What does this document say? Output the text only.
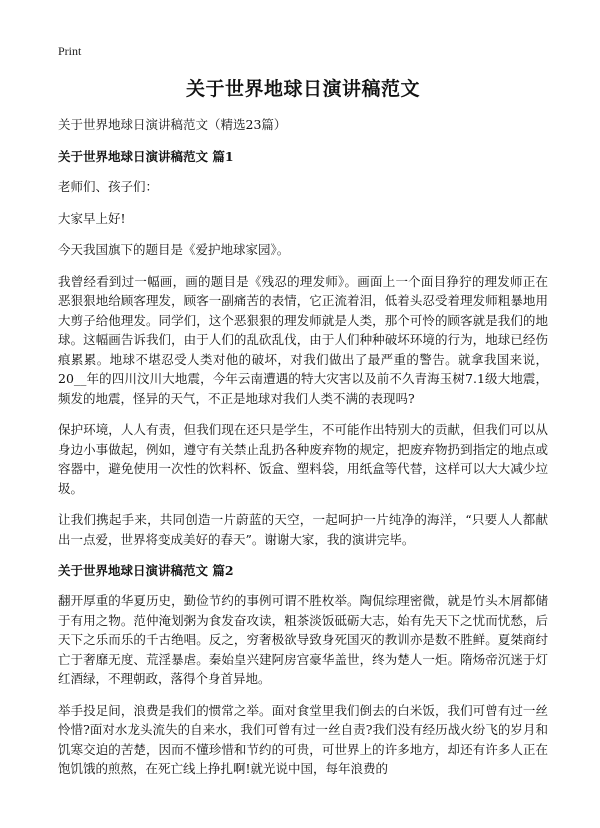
Print
关于世界地球日演讲稿范文
关于世界地球日演讲稿范文（精选23篇）
关于世界地球日演讲稿范文 篇1
老师们、孩子们：
大家早上好!
今天我国旗下的题目是《爱护地球家园》。
我曾经看到过一幅画，画的题目是《残忍的理发师》。画面上一个面目狰狞的理发师正在恶狠狠地给顾客理发，顾客一副痛苦的表情，它正流着泪，低着头忍受着理发师粗暴地用大剪子给他理发。同学们，这个恶狠狠的理发师就是人类，那个可怜的顾客就是我们的地球。这幅画告诉我们，由于人们的乱砍乱伐，由于人们种种破坏环境的行为，地球已经伤痕累累。地球不堪忍受人类对他的破坏，对我们做出了最严重的警告。就拿我国来说，20__年的四川汶川大地震，今年云南遭遇的特大灾害以及前不久青海玉树7.1级大地震，频发的地震，怪异的天气，不正是地球对我们人类不满的表现吗?
保护环境，人人有责，但我们现在还只是学生，不可能作出特别大的贡献，但我们可以从身边小事做起，例如，遵守有关禁止乱扔各种废弃物的规定，把废弃物扔到指定的地点或容器中，避免使用一次性的饮料杯、饭盒、塑料袋，用纸盒等代替，这样可以大大减少垃圾。
让我们携起手来，共同创造一片蔚蓝的天空，一起呵护一片纯净的海洋，“只要人人都献出一点爱，世界将变成美好的春天”。谢谢大家，我的演讲完毕。
关于世界地球日演讲稿范文 篇2
翻开厚重的华夏历史，勤俭节约的事例可谓不胜枚举。陶侃综理密微，就是竹头木屑都储于有用之物。范仲淹划粥为食发奋攻读，粗茶淡饭砥砺大志，始有先天下之忧而忧愁，后天下之乐而乐的千古绝唱。反之，穷奢极欲导致身死国灭的教训亦是数不胜鲜。夏桀商纣亡于奢靡无度、荒淫暴虐。秦始皇兴建阿房宫豪华盖世，终为楚人一炬。隋炀帝沉迷于灯红酒绿，不理朝政，落得个身首异地。
举手投足间，浪费是我们的惯常之举。面对食堂里我们倒去的白米饭，我们可曾有过一丝怜惜?面对水龙头流失的自来水，我们可曾有过一丝自责?我们没有经历战火纷飞的岁月和饥寒交迫的苦楚，因而不懂珍惜和节约的可贵，可世界上的许多地方，却还有许多人正在饱饥饿的煎熬，在死亡线上挣扎啊!就光说中国，每年浪费的
